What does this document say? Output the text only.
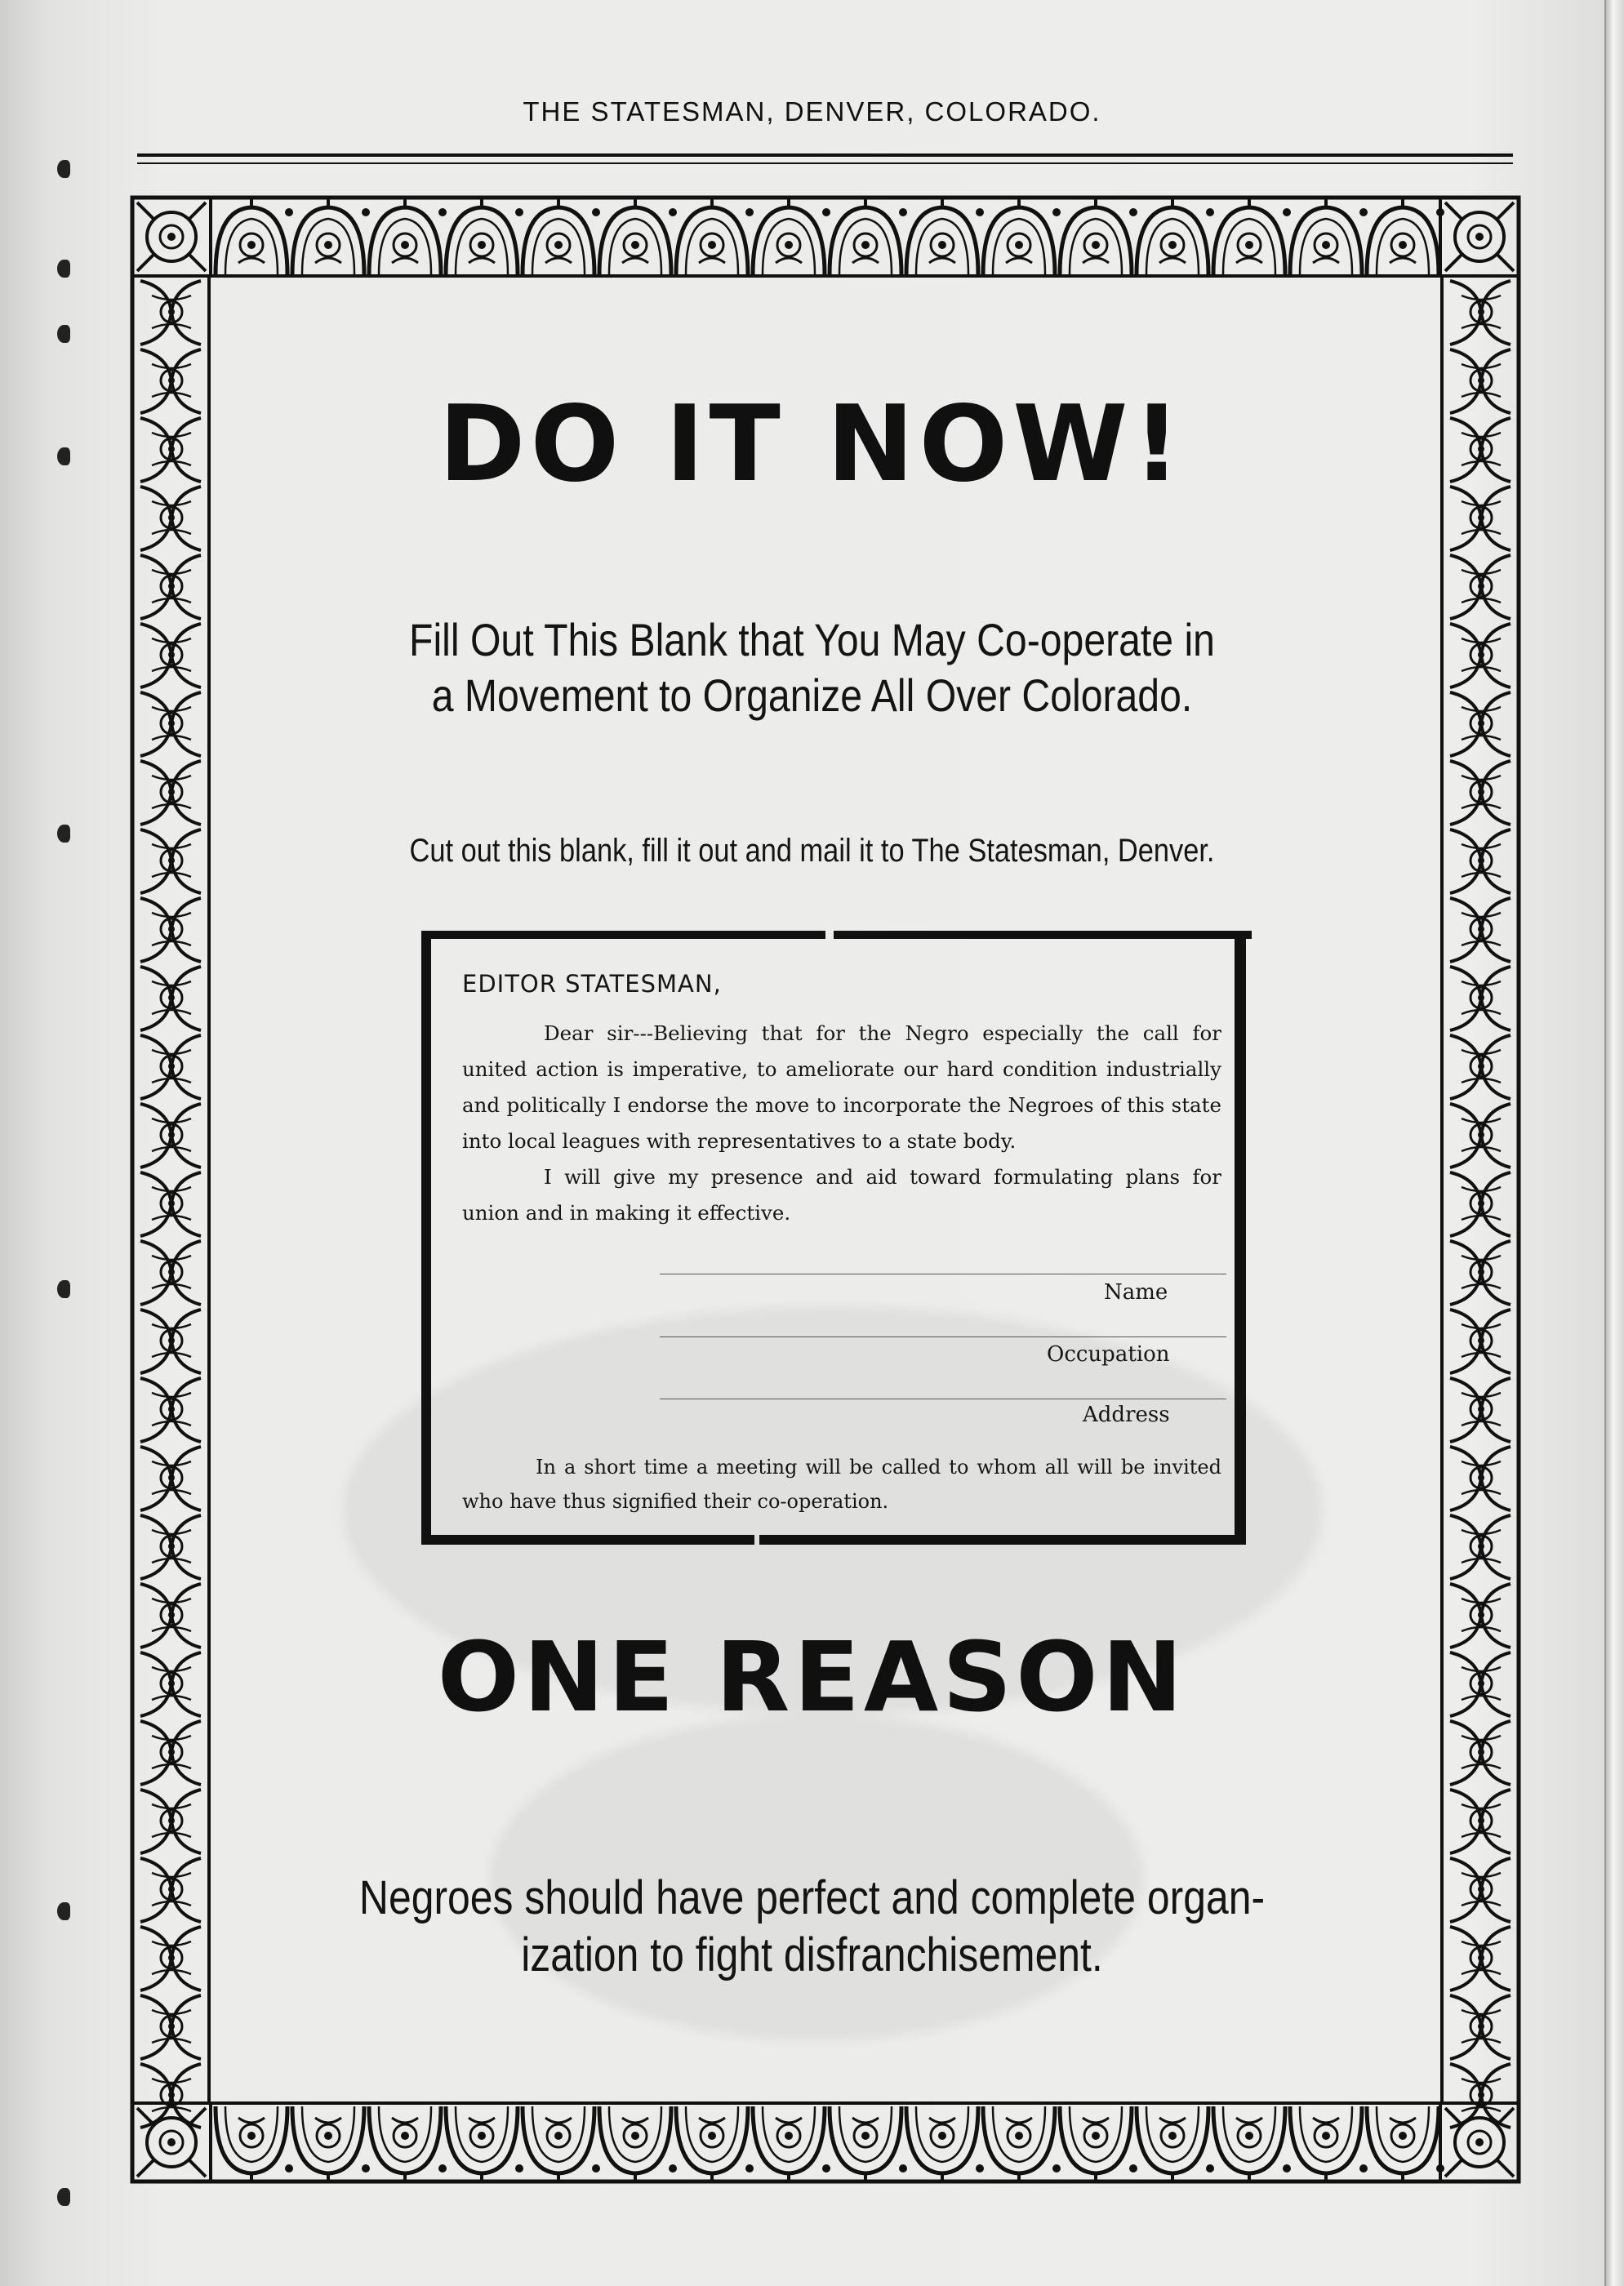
THE STATESMAN, DENVER, COLORADO.
DO IT NOW!
Fill Out This Blank that You May Co-operate in
a Movement to Organize All Over Colorado.
Cut out this blank, fill it out and mail it to The Statesman, Denver.
EDITOR STATESMAN,

Dear sir---Believing that for the Negro especially the call for united action is imperative, to ameliorate our hard condition industrially and politically I endorse the move to incorporate the Negroes of this state into local leagues with representatives to a state body.

I will give my presence and aid toward formulating plans for union and in making it effective.

Name
Occupation
Address
In a short time a meeting will be called to whom all will be invited who have thus signified their co-operation.
ONE REASON
Negroes should have perfect and complete organ-
ization to fight disfranchisement.
